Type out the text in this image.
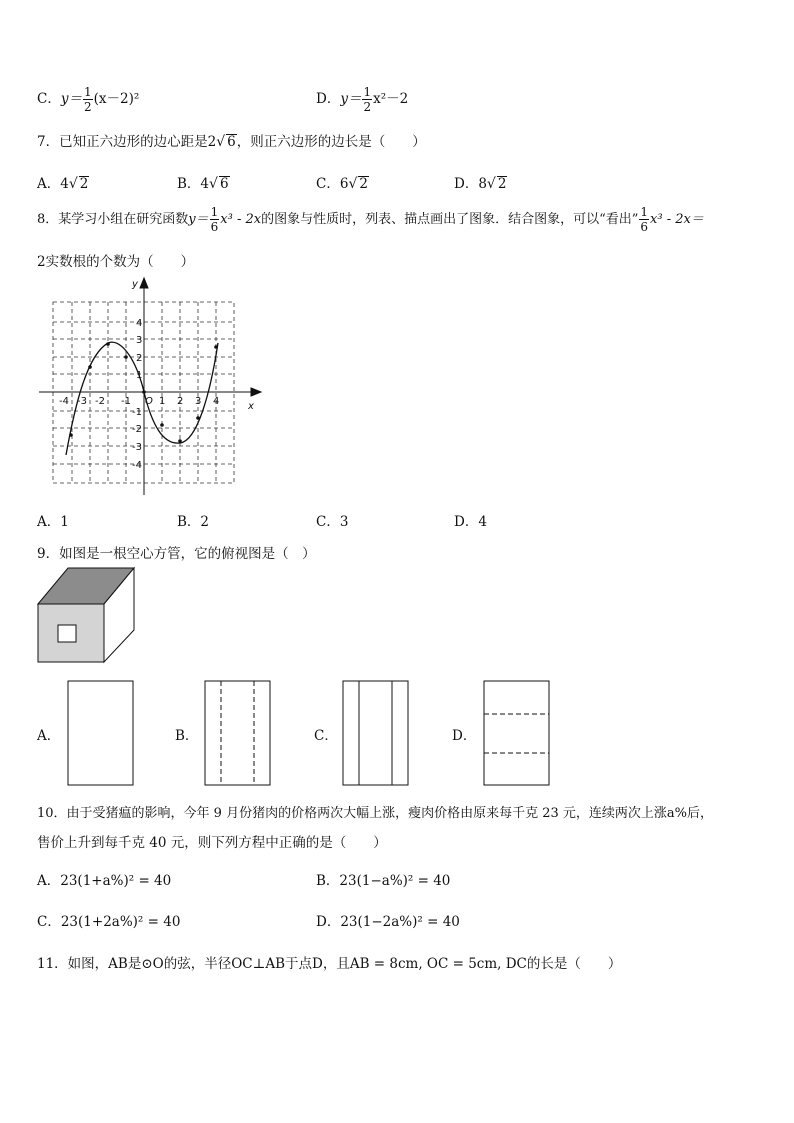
C．$y= \frac{1}{2} (x-2)^2$	D．$y= \frac{1}{2} x^2-2$
7．已知正六边形的边心距是2√ 6，则正六边形的边长是（　　）
A．4√ 2	B．4√ 6	C．6√ 2	D．8√ 2
8．某学习小组在研究函数$y= \frac{1}{6} x^3 - 2x$的图象与性质时，列表、描点画出了图象．结合图象，可以“看出” $\frac{1}{6} x^3 - 2x=$
2实数根的个数为（　　）
y
x
O
-4 -3 -2 -1	1 2 3 4
4
3
2
1
-1
-2
-3
-4
A．1	B．2	C．3	D．4
9．如图是一根空心方管，它的俯视图是（　）
A．	B．	C．	D．
10．由于受猪瘟的影响，今年 9 月份猪肉的价格两次大幅上涨，瘦肉价格由原来每千克 23 元，连续两次上涨a%后，
售价上升到每千克 40 元，则下列方程中正确的是（　　）
A．23(1+a%)² = 40	B．23(1−a%)² = 40
C．23(1+2a%)² = 40	D．23(1−2a%)² = 40
11．如图，AB是⊙O的弦，半径OC⊥AB于点D，且AB = 8cm, OC = 5cm, DC的长是（　　）
